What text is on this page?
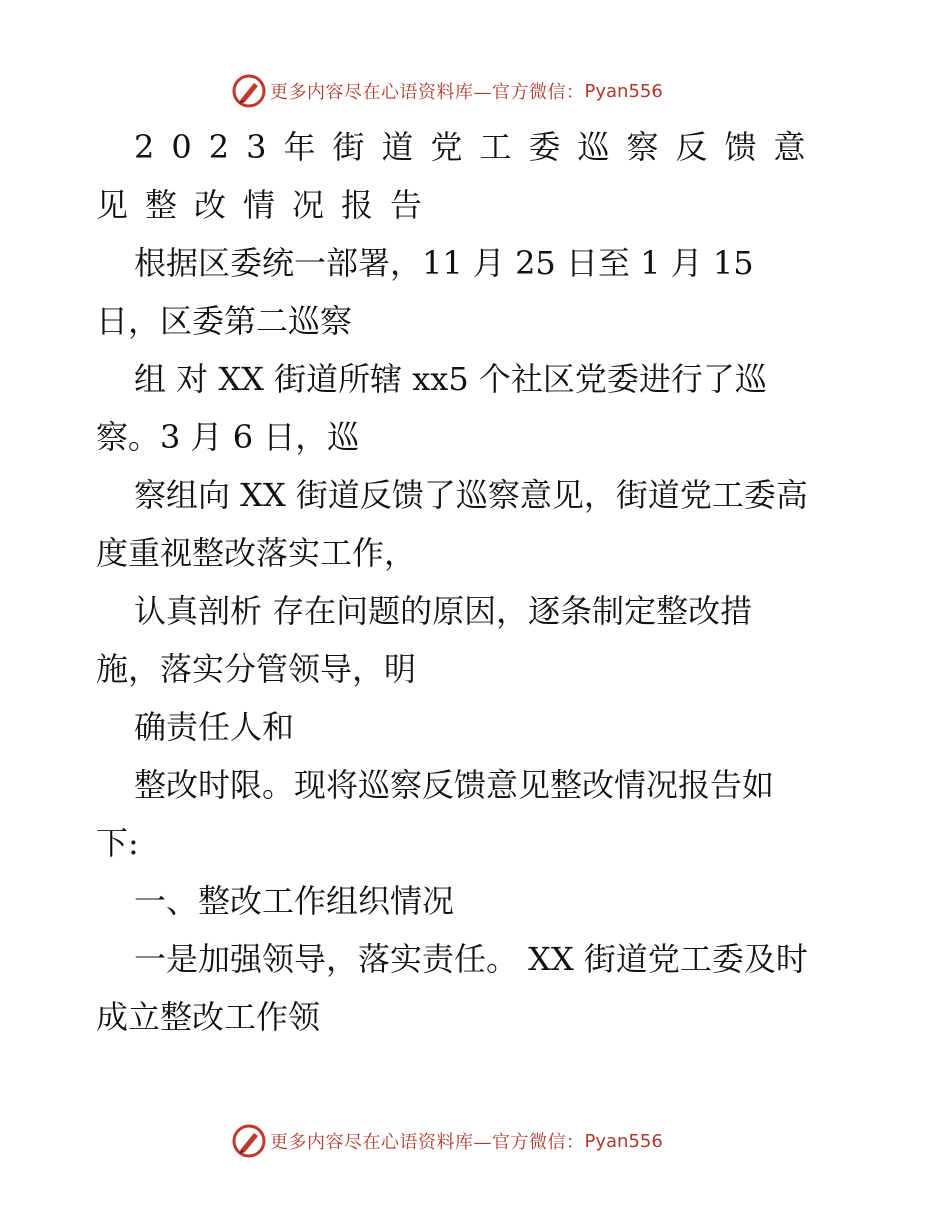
更多内容尽在心语资料库—官方微信： Pyan556
2023年街道党工委巡察反馈意
见整改情况报告
根据区委统一部署，11 月 25 日至 1 月 15
日，区委第二巡察
组 对 XX 街道所辖 xx5 个社区党委进行了巡
察。3 月 6 日，巡
察组向 XX 街道反馈了巡察意见，街道党工委高
度重视整改落实工作，
认真剖析 存在问题的原因，逐条制定整改措
施，落实分管领导，明
确责任人和
整改时限。现将巡察反馈意见整改情况报告如
下:
一、整改工作组织情况
一是加强领导，落实责任。 XX 街道党工委及时
成立整改工作领
更多内容尽在心语资料库—官方微信： Pyan556
